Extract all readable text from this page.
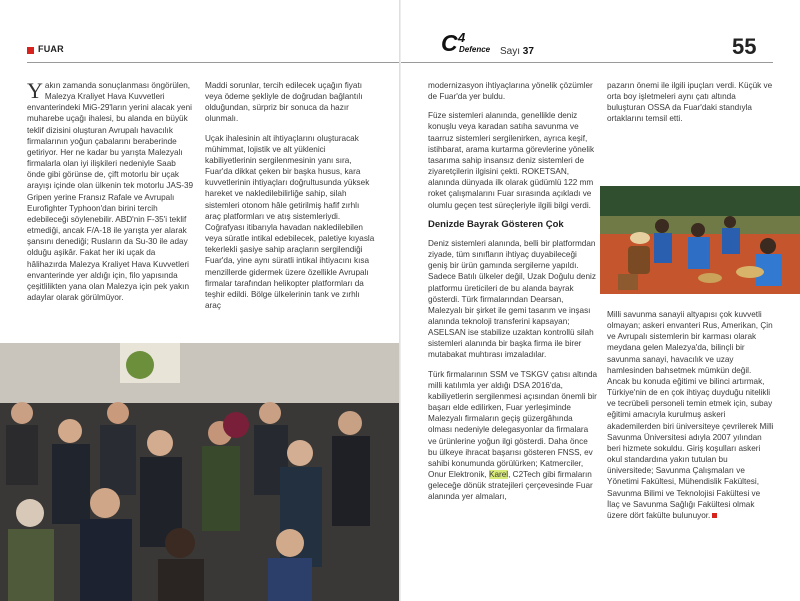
FUAR	C 4
Defence Sayı 37	55

Yakın zamanda sonuçlanması öngörülen, Malezya Kraliyet Hava Kuvvetleri envanterindeki MiG-29'ların yerini alacak yeni muharebe uçağı ihalesi, bu alanda en büyük teklif dizisini oluşturan Avrupalı havacılık firmalarının yoğun çabalarını beraberinde getiriyor. Her ne kadar bu yarışta Malezyalı firmalarla olan iyi ilişkileri nedeniyle Saab önde gibi görünse de, çift motorlu bir uçak arayışı içinde olan ülkenin tek motorlu JAS-39 Gripen yerine Fransız Rafale ve Avrupalı Eurofighter Typhoon'dan birini tercih edebileceği söylenebilir. ABD'nin F-35'i teklif etmediği, ancak F/A-18 ile yarışta yer alarak şansını denediği; Rusların da Su-30 ile aday olduğu aşikâr. Fakat her iki uçak da hâlihazırda Malezya Kraliyet Hava Kuvvetleri envanterinde yer aldığı için, filo yapısında çeşitlilikten yana olan Malezya için pek yakın adaylar olarak görülmüyor.

Maddi sorunlar, tercih edilecek uçağın fiyatı veya ödeme şekliyle de doğrudan bağlantılı olduğundan, sürpriz bir sonuca da hazır olunmalı.

Uçak ihalesinin alt ihtiyaçlarını oluşturacak mühimmat, lojistik ve alt yüklenici kabiliyetlerinin sergilenmesinin yanı sıra, Fuar'da dikkat çeken bir başka husus, kara kuvvetlerinin ihtiyaçları doğrultusunda yüksek hareket ve nakledilebilirliğe sahip, silah sistemleri otonom hâle getirilmiş hafif zırhlı araç platformları ve atış sistemleriydi. Coğrafyası itibarıyla havadan nakledilebilen veya süratle intikal edebilecek, paletiye kıyasla tekerlekli şasiye sahip araçların sergilendiği Fuar'da, yine aynı süratli intikal ihtiyacını kısa menzillerde gidermek üzere özellikle Avrupalı firmalar tarafından helikopter platformları da teşhir edildi. Bölge ülkelerinin tank ve zırhlı araç

modernizasyon ihtiyaçlarına yönelik çözümler de Fuar'da yer buldu.

Füze sistemleri alanında, genellikle deniz konuşlu veya karadan satıha savunma ve taarruz sistemleri sergilenirken, ayrıca keşif, istihbarat, arama kurtarma görevlerine yönelik tasarıma sahip insansız deniz sistemleri de ziyaretçilerin ilgisini çekti. ROKETSAN, alanında dünyada ilk olarak güdümlü 122 mm roket çalışmalarını Fuar sırasında açıkladı ve olumlu geçen test süreçleriyle ilgili bilgi verdi.

Denizde Bayrak Gösteren Çok

Deniz sistemleri alanında, belli bir platformdan ziyade, tüm sınıfların ihtiyaç duyabileceği geniş bir ürün gamında sergilerne yapıldı. Sadece Batılı ülkeler değil, Uzak Doğulu deniz platformu üreticileri de bu alanda bayrak gösterdi. Türk firmalarından Dearsan, Malezyalı bir şirket ile gemi tasarım ve inşası alanında teknoloji transferini kapsayan; ASELSAN ise stabilize uzaktan kontrollü silah sistemleri alanında bir başka firma ile birer mutabakat muhtırası imzaladılar.

Türk firmalarının SSM ve TSKGV çatısı altında milli katılımla yer aldığı DSA 2016'da, kabiliyetlerin sergilenmesi açısından önemli bir başarı elde edilirken, Fuar yerleşiminde Malezyalı firmaların geçiş güzergâhında olması nedeniyle delegasyonlar da firmalara ve ürünlerine yoğun ilgi gösterdi. Daha önce bu ülkeye ihracat başarısı gösteren FNSS, ev sahibi konumunda görülürken; Katmerciler, Onur Elektronik, Karel, C2Tech gibi firmaların geleceğe dönük stratejileri çerçevesinde Fuar alanında yer almaları,

pazarın önemi ile ilgili ipuçları verdi. Küçük ve orta boy işletmeleri aynı çatı altında buluşturan OSSA da Fuar'daki standıyla ortaklarını temsil etti.

Milli savunma sanayii altyapısı çok kuvvetli olmayan; askeri envanteri Rus, Amerikan, Çin ve Avrupalı sistemlerin bir karması olarak meydana gelen Malezya'da, bilinçli bir savunma sanayi, havacılık ve uzay hamlesinden bahsetmek mümkün değil. Ancak bu konuda eğitimi ve bilinci artırmak, Türkiye'nin de en çok ihtiyaç duyduğu nitelikli ve tecrübeli personeli temin etmek için, subay eğitimi amacıyla kurulmuş askeri akademilerden biri üniversiteye çevrilerek Milli Savunma Üniversitesi adıyla 2007 yılından beri hizmete sokuldu. Giriş koşulları askeri okul standardına yakın tutulan bu üniversitede; Savunma Çalışmaları ve Yönetimi Fakültesi, Mühendislik Fakültesi, Savunma Bilimi ve Teknolojisi Fakültesi ve İlaç ve Savunma Sağlığı Fakültesi olmak üzere dört fakülte bulunuyor.
